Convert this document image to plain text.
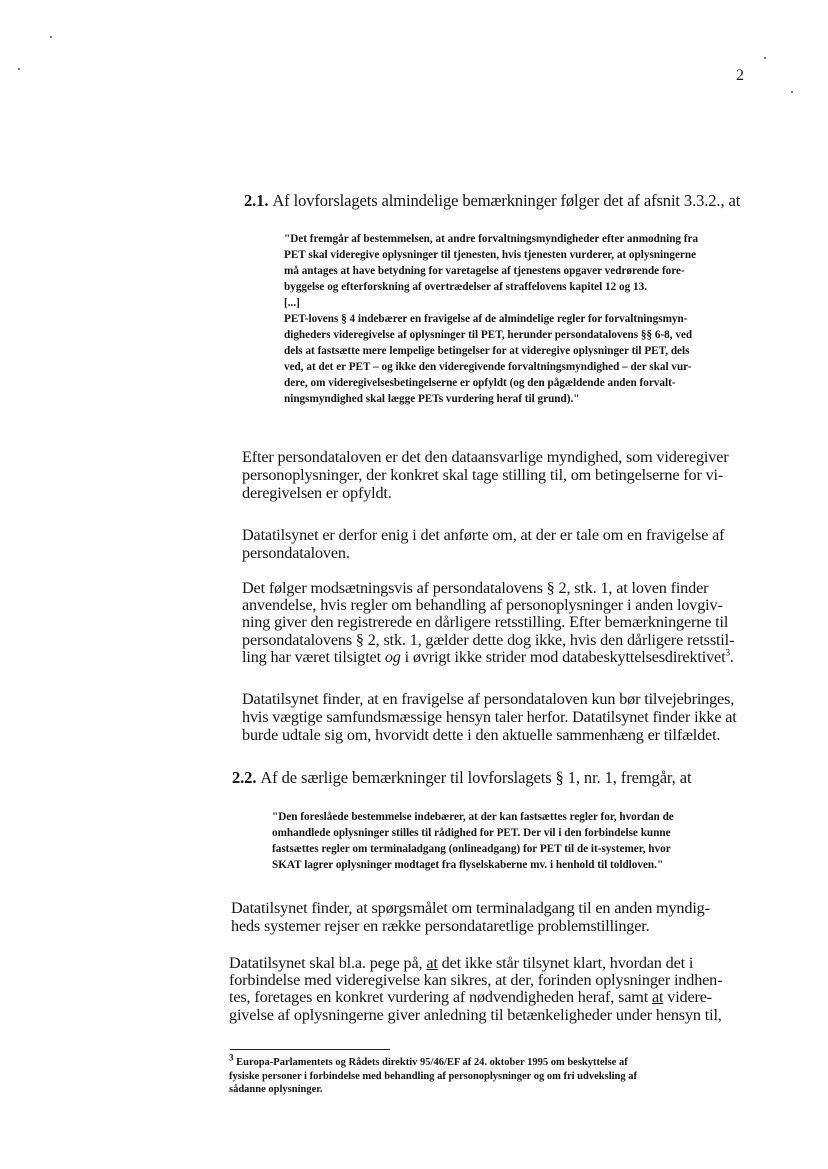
2
2.1. Af lovforslagets almindelige bemærkninger følger det af afsnit 3.3.2., at

"Det fremgår af bestemmelsen, at andre forvaltningsmyndigheder efter anmodning fra

PET skal videregive oplysninger til tjenesten, hvis tjenesten vurderer, at oplysningerne

må antages at have betydning for varetagelse af tjenestens opgaver vedrørende fore-

byggelse og efterforskning af overtrædelser af straffelovens kapitel 12 og 13.

[...]

PET-lovens § 4 indebærer en fravigelse af de almindelige regler for forvaltningsmyn-

digheders videregivelse af oplysninger til PET, herunder persondatalovens §§ 6-8, ved

dels at fastsætte mere lempelige betingelser for at videregive oplysninger til PET, dels

ved, at det er PET – og ikke den videregivende forvaltningsmyndighed – der skal vur-

dere, om videregivelsesbetingelserne er opfyldt (og den pågældende anden forvalt-

ningsmyndighed skal lægge PETs vurdering heraf til grund)."

Efter persondataloven er det den dataansvarlige myndighed, som videregiver

personoplysninger, der konkret skal tage stilling til, om betingelserne for vi-

deregivelsen er opfyldt.

Datatilsynet er derfor enig i det anførte om, at der er tale om en fravigelse af

persondataloven.

Det følger modsætningsvis af persondatalovens § 2, stk. 1, at loven finder

anvendelse, hvis regler om behandling af personoplysninger i anden lovgiv-

ning giver den registrerede en dårligere retsstilling. Efter bemærkningerne til

persondatalovens § 2, stk. 1, gælder dette dog ikke, hvis den dårligere retsstil-

ling har været tilsigtet og i øvrigt ikke strider mod databeskyttelsesdirektivet$^3$.

Datatilsynet finder, at en fravigelse af persondataloven kun bør tilvejebringes,

hvis vægtige samfundsmæssige hensyn taler herfor. Datatilsynet finder ikke at

burde udtale sig om, hvorvidt dette i den aktuelle sammenhæng er tilfældet.

2.2. Af de særlige bemærkninger til lovforslagets § 1, nr. 1, fremgår, at

"Den foreslåede bestemmelse indebærer, at der kan fastsættes regler for, hvordan de

omhandlede oplysninger stilles til rådighed for PET. Der vil i den forbindelse kunne

fastsættes regler om terminaladgang (onlineadgang) for PET til de it-systemer, hvor

SKAT lagrer oplysninger modtaget fra flyselskaberne mv. i henhold til toldloven."

Datatilsynet finder, at spørgsmålet om terminaladgang til en anden myndig-

heds systemer rejser en række persondataretlige problemstillinger.

Datatilsynet skal bl.a. pege på, at det ikke står tilsynet klart, hvordan det i

forbindelse med videregivelse kan sikres, at der, forinden oplysninger indhen-

tes, foretages en konkret vurdering af nødvendigheden heraf, samt at videre-

givelse af oplysningerne giver anledning til betænkeligheder under hensyn til,

$^3$ Europa-Parlamentets og Rådets direktiv 95/46/EF af 24. oktober 1995 om beskyttelse af
fysiske personer i forbindelse med behandling af personoplysninger og om fri udveksling af
sådanne oplysninger.
